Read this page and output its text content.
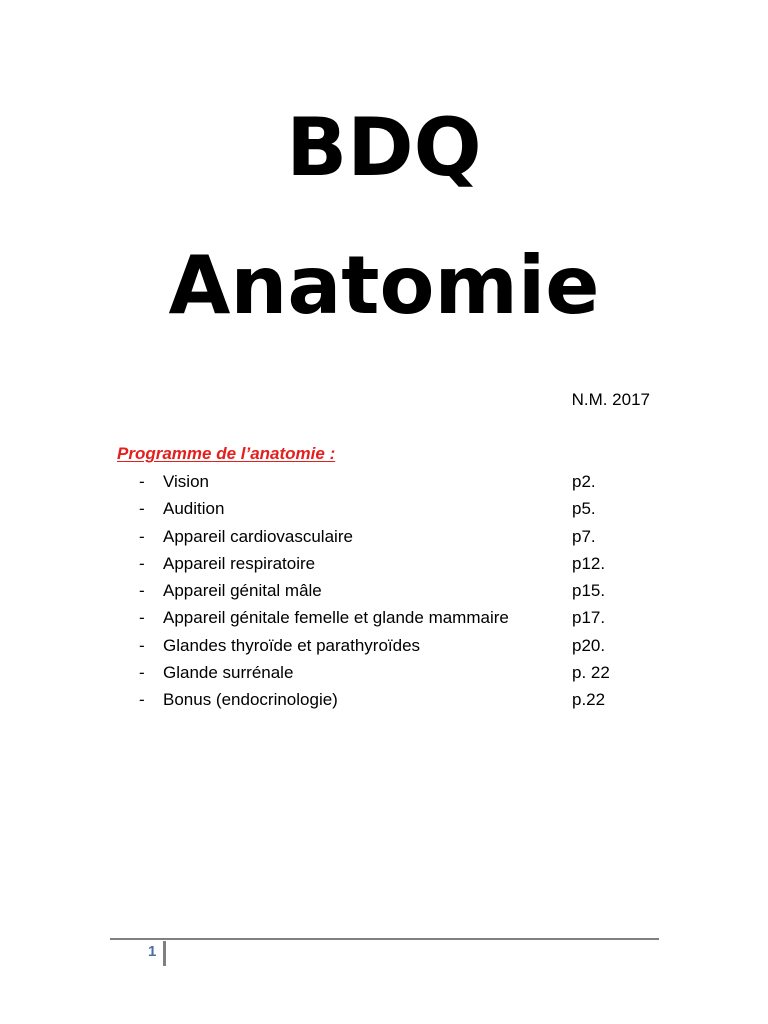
BDQ
Anatomie
N.M. 2017
Programme de l’anatomie :
- Vision	p2.
- Audition	p5.
- Appareil cardiovasculaire	p7.
- Appareil respiratoire	p12.
- Appareil génital mâle	p15.
- Appareil génitale femelle et glande mammaire	p17.
- Glandes thyroïde et parathyroïdes	p20.
- Glande surrénale	p. 22
- Bonus (endocrinologie)	p.22
1
